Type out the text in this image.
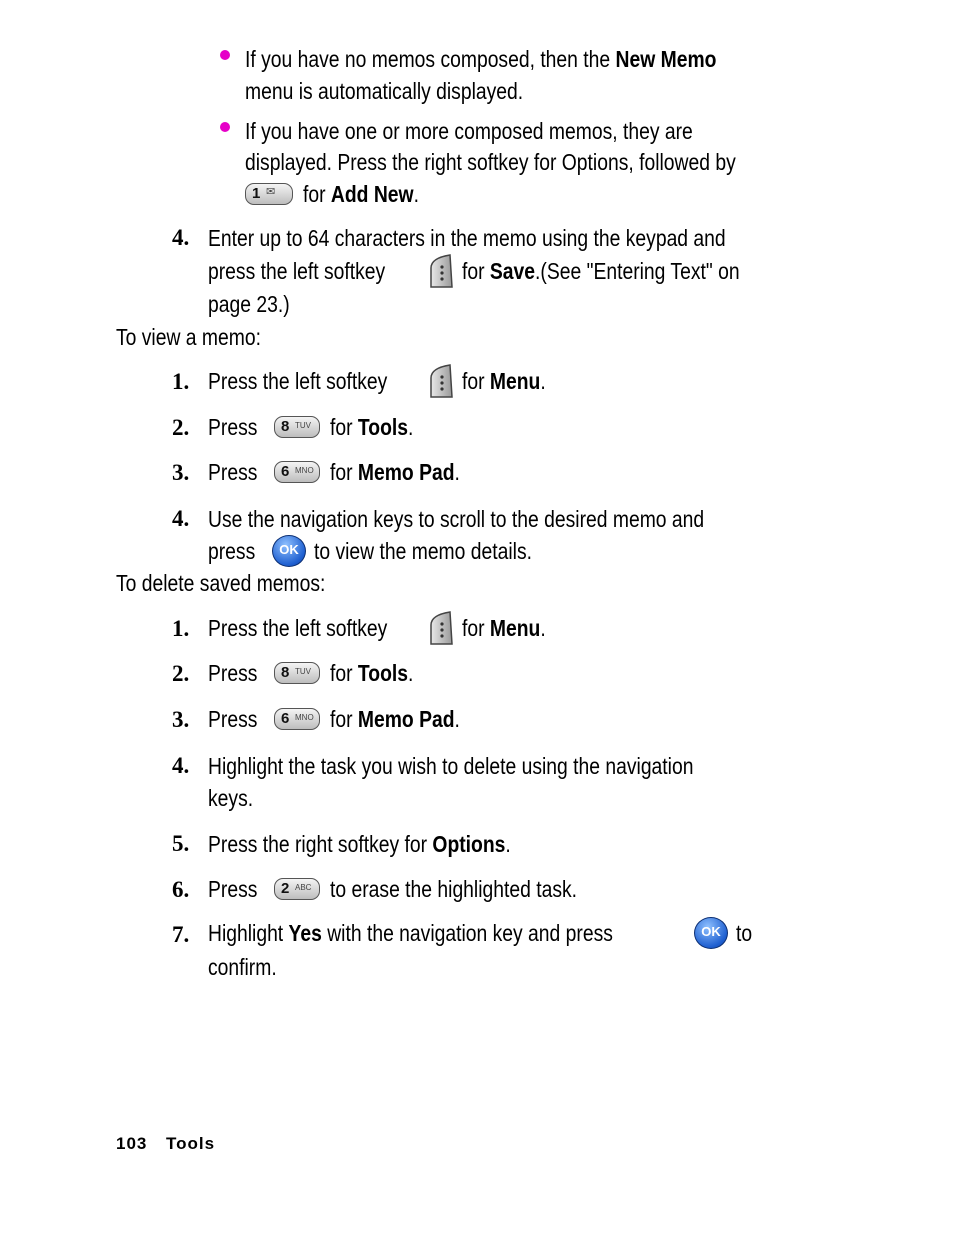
If you have no memos composed, then the New Memo
menu is automatically displayed.
If you have one or more composed memos, they are
displayed. Press the right softkey for Options, followed by

1

✉

for Add New.
4. Enter up to 64 characters in the memo using the keypad and
press the left softkey	for Save.(See "Entering Text" on
page 23.)
To view a memo:
1. Press the left softkey	for Menu.
2. Press 8 TUV for Tools.
3. Press 6 MNO for Memo Pad.
4. Use the navigation keys to scroll to the desired memo and
press	OK to view the memo details.
To delete saved memos:
1. Press the left softkey	for Menu.
2. Press 8 TUV for Tools.
3. Press 6 MNO for Memo Pad.
4. Highlight the task you wish to delete using the navigation
keys.
5. Press the right softkey for Options.
6. Press 2 ABC to erase the highlighted task.
7. Highlight Yes with the navigation key and press	OK to
confirm.
103 Tools
